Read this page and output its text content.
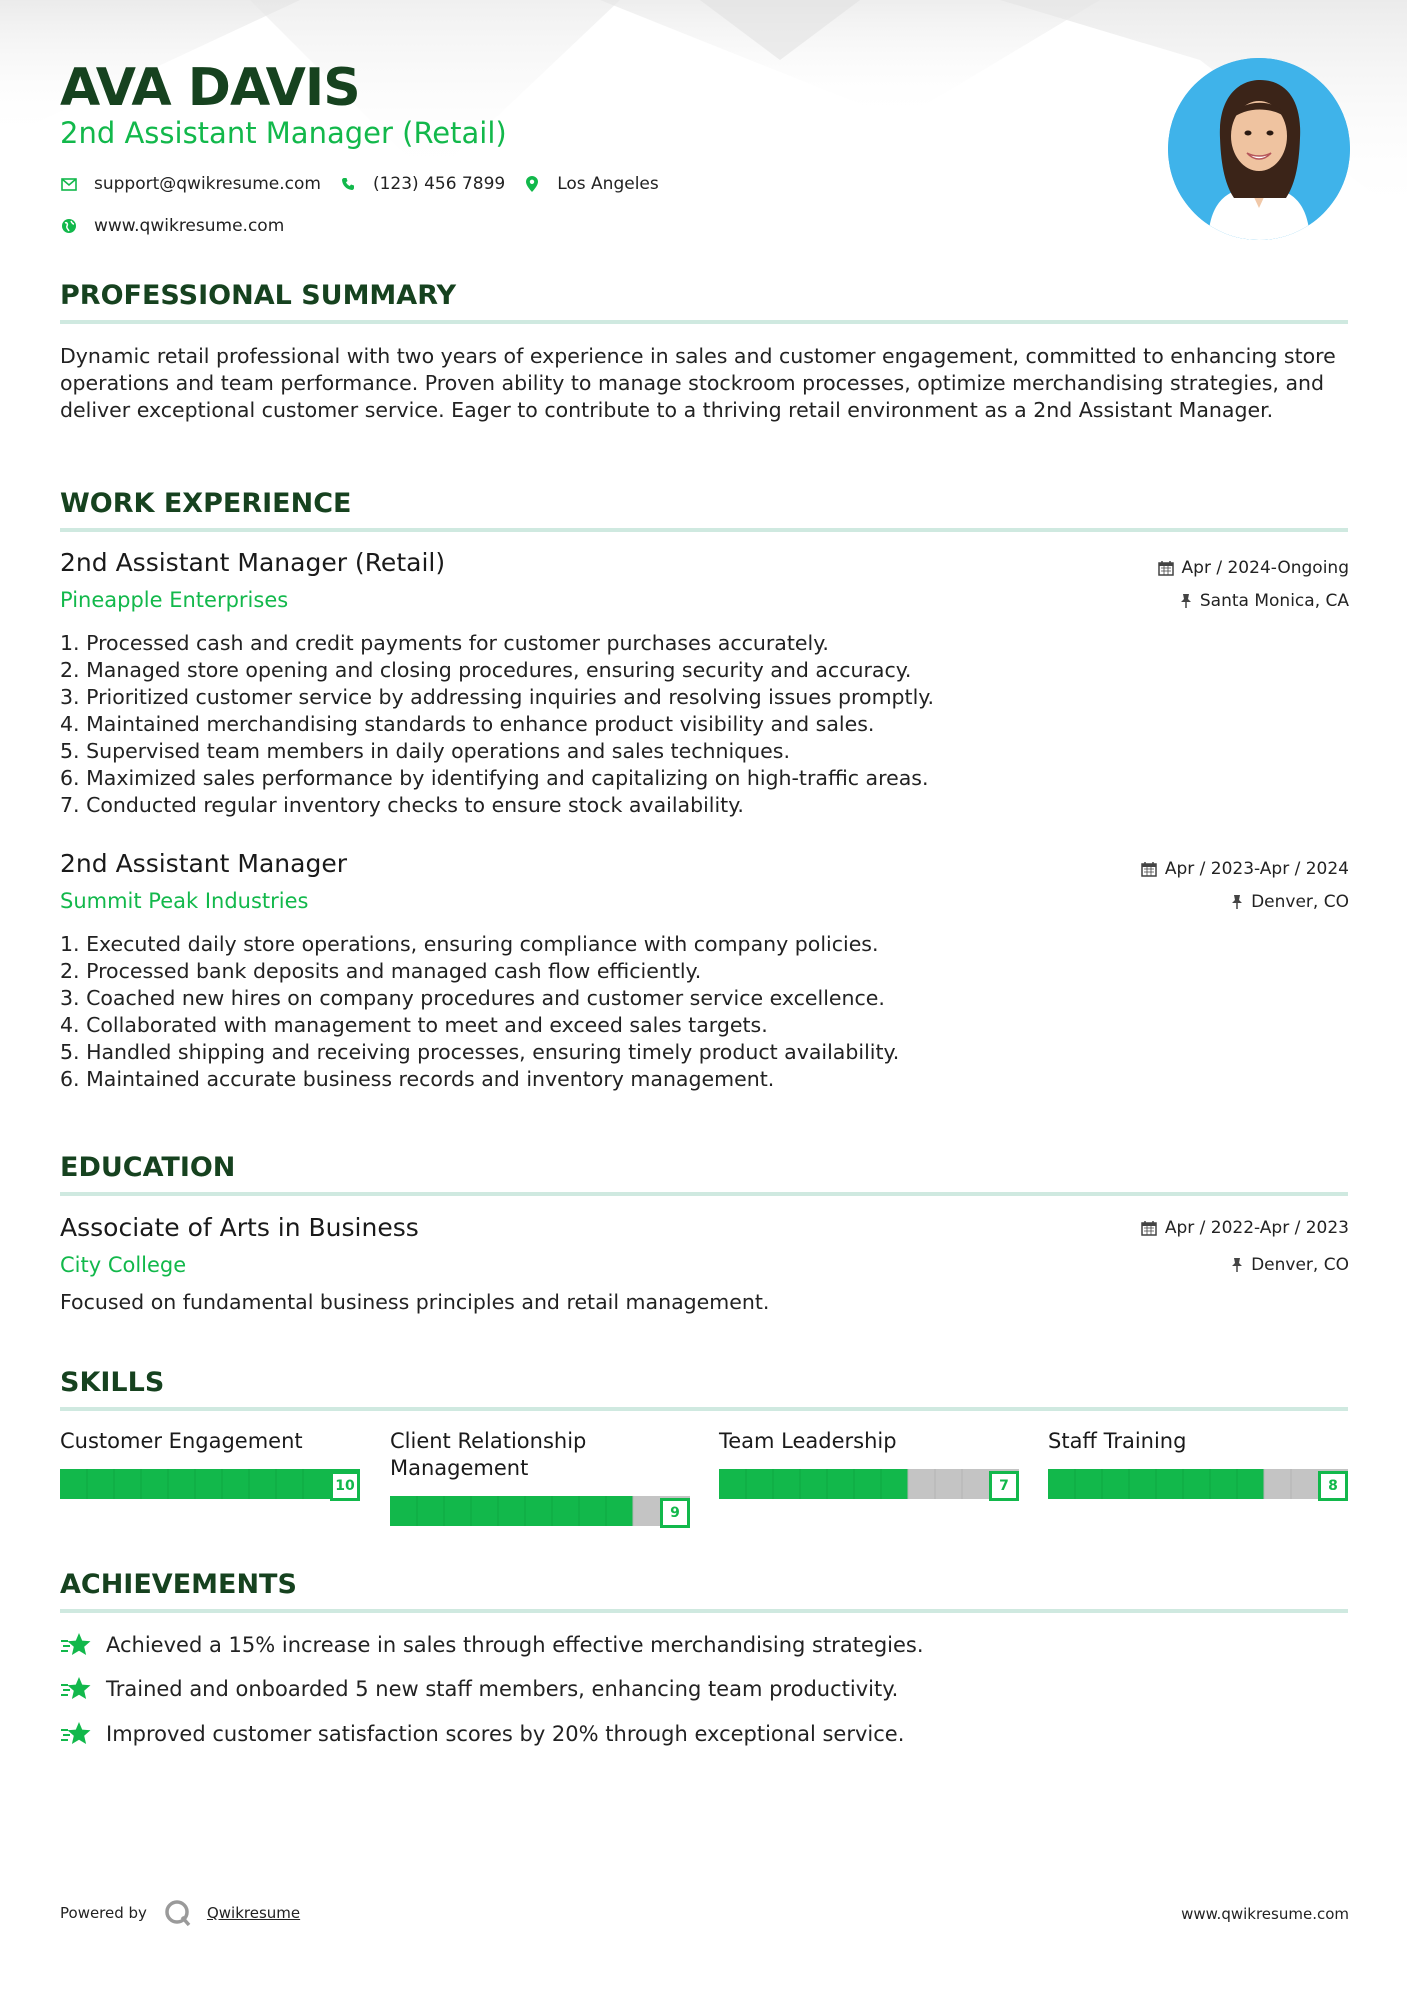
AVA DAVIS
2nd Assistant Manager (Retail)
support@qwikresume.com	(123) 456 7899	Los Angeles
www.qwikresume.com
PROFESSIONAL SUMMARY
Dynamic retail professional with two years of experience in sales and customer engagement, committed to enhancing store operations and team performance. Proven ability to manage stockroom processes, optimize merchandising strategies, and deliver exceptional customer service. Eager to contribute to a thriving retail environment as a 2nd Assistant Manager.
WORK EXPERIENCE
2nd Assistant Manager (Retail)
Pineapple Enterprises
Apr / 2024-Ongoing
Santa Monica, CA
1. Processed cash and credit payments for customer purchases accurately.
2. Managed store opening and closing procedures, ensuring security and accuracy.
3. Prioritized customer service by addressing inquiries and resolving issues promptly.
4. Maintained merchandising standards to enhance product visibility and sales.
5. Supervised team members in daily operations and sales techniques.
6. Maximized sales performance by identifying and capitalizing on high-traffic areas.
7. Conducted regular inventory checks to ensure stock availability.
2nd Assistant Manager
Summit Peak Industries
Apr / 2023-Apr / 2024
Denver, CO
1. Executed daily store operations, ensuring compliance with company policies.
2. Processed bank deposits and managed cash flow efficiently.
3. Coached new hires on company procedures and customer service excellence.
4. Collaborated with management to meet and exceed sales targets.
5. Handled shipping and receiving processes, ensuring timely product availability.
6. Maintained accurate business records and inventory management.
EDUCATION
Associate of Arts in Business
City College
Apr / 2022-Apr / 2023
Denver, CO
Focused on fundamental business principles and retail management.
SKILLS
Customer Engagement
10
Client Relationship Management
9
Team Leadership
7
Staff Training
8
ACHIEVEMENTS
Achieved a 15% increase in sales through effective merchandising strategies.
Trained and onboarded 5 new staff members, enhancing team productivity.
Improved customer satisfaction scores by 20% through exceptional service.
Powered by	Qwikresume	www.qwikresume.com
